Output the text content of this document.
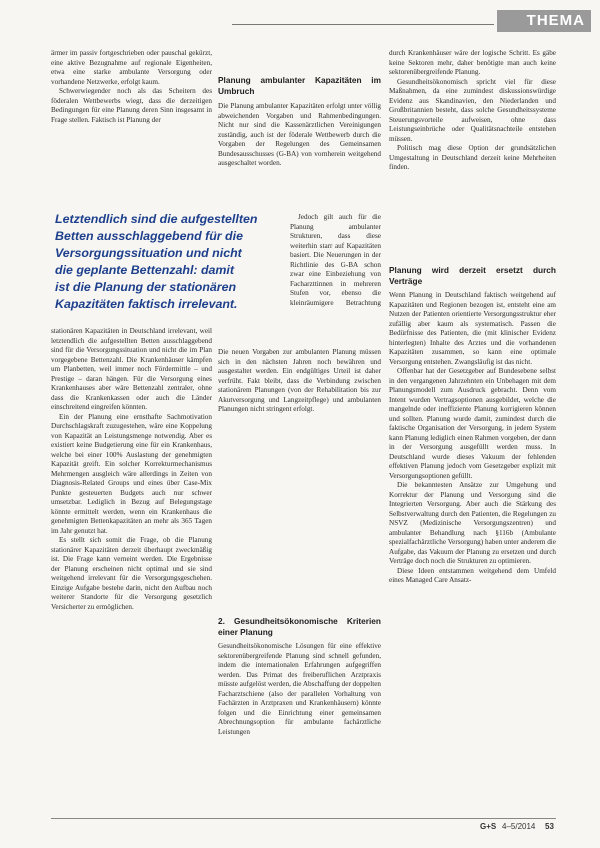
THEMA

ärmer im passiv fortgeschrieben oder pauschal gekürzt, eine aktive Bezugnahme auf regionale Eigenheiten, etwa eine starke ambulante Versorgung oder vorhandene Netzwerke, erfolgt kaum.

Schwerwiegender noch als das Scheitern des föderalen Wettbewerbs wiegt, dass die derzeitigen Bedingungen für eine Planung deren Sinn insgesamt in Frage stellen. Faktisch ist Planung der

Letztendlich sind die aufgestellten
Betten ausschlaggebend für die
Versorgungssituation und nicht
die geplante Bettenzahl: damit
ist die Planung der stationären
Kapazitäten faktisch irrelevant.

stationären Kapazitäten in Deutschland irrelevant, weil letztendlich die aufgestellten Betten ausschlaggebend sind für die Versorgungssituation und nicht die im Plan vorgegebene Bettenzahl. Die Krankenhäuser kämpfen um Planbetten, weil immer noch Fördermittle – und Prestige – daran hängen. Für die Versorgung eines Krankenhauses aber wäre Bettenzahl zentraler, ohne dass die Krankenkassen oder auch die Länder einschreitend eingreifen könnten.

Ein der Planung eine ernsthafte Sachmotivation Durchschlagskraft zuzugestehen, wäre eine Koppelung von Kapazität an Leistungsmenge notwendig. Aber es existiert keine Budgetierung eine für ein Krankenhaus, welche bei einer 100% Auslastung der genehmigten Kapazität greift. Ein solcher Korrekturmechanismus Mehrmengen ausgleich wäre allerdings in Zeiten von Diagnosis-Related Groups und eines über Case-Mix Punkte gesteuerten Budgets auch nur schwer umsetzbar. Lediglich in Bezug auf Belegungstage könnte ermittelt werden, wenn ein Krankenhaus die genehmigten Bettenkapazitäten an mehr als 365 Tagen im Jahr genutzt hat.

Es stellt sich somit die Frage, ob die Planung stationärer Kapazitäten derzeit überhaupt zweckmäßig ist. Die Frage kann verneint werden. Die Ergebnisse der Planung erscheinen nicht optimal und sie sind weitgehend irrelevant für die Versorgungsgeschehen. Einzige Aufgabe bestehe darin, nicht den Aufbau noch weiterer Standorte für die Versorgung gesetzlich Versicherter zu ermöglichen.

Planung ambulanter Kapazitäten im Umbruch

Die Planung ambulanter Kapazitäten erfolgt unter völlig abweichenden Vorgaben und Rahmenbedingungen. Nicht nur sind die Kassenärztlichen Vereinigungen zuständig, auch ist der föderale Wettbewerb durch die Vorgaben der Regelungen des Gemeinsamen Bundesausschusses (G-BA) von vornherein weitgehend ausgeschaltet worden.

Jedoch gilt auch für die Planung ambulanter Strukturen, dass diese weiterhin starr auf Kapazitäten basiert. Die Neuerungen in der Richtlinie des G-BA schon zwar eine Einbeziehung von Facharzttinnen in mehreren Stufen vor, ebenso die kleinräumigere Betrachtung

Die neuen Vorgaben zur ambulanten Planung müssen sich in den nächsten Jahren noch bewähren und ausgestaltet werden. Ein endgültiges Urteil ist daher verfrüht. Fakt bleibt, dass die Verbindung zwischen stationärem Planungen (von der Rehabilitation bis zur Akutversorgung und Langzeitpflege) und ambulanten Planungen nicht stringent erfolgt.

2. Gesundheitsökonomische Kriterien einer Planung

Gesundheitsökonomische Lösungen für eine effektive sektorenübergreifende Planung sind schnell gefunden, indem die internationalen Erfahrungen aufgegriffen werden. Das Primat des freiberuflichen Arztpraxis müsste aufgelöst werden, die Abschaffung der doppelten Facharztschiene (also der parallelen Vorhaltung von Fachärzten in Arztpraxen und Krankenhäusern) könnte folgen und die Einrichtung einer gemeinsamen Abrechnungsoption für ambulante fachärztliche Leistungen

durch Krankenhäuser wäre der logische Schritt. Es gäbe keine Sektoren mehr, daher benötigte man auch keine sektorenübergreifende Planung.

Gesundheitsökonomisch spricht viel für diese Maßnahmen, da eine zumindest diskussionswürdige Evidenz aus Skandinavien, den Niederlanden und Großbritannien besteht, dass solche Gesundheitssysteme Steuerungsvorteile aufweisen, ohne dass Leistungseinbrüche oder Qualitätsnachteile entstehen müssen.

Politisch mag diese Option der grundsätzlichen Umgestaltung in Deutschland derzeit keine Mehrheiten finden.

Planung wird derzeit ersetzt durch Verträge

Wenn Planung in Deutschland faktisch weitgehend auf Kapazitäten und Regionen bezogen ist, entsteht eine am Nutzen der Patienten orientierte Versorgungsstruktur eher zufällig aber kaum als systematisch. Passen die Bedürfnisse des Patienten, die (mit klinischer Evidenz hinterlegten) Inhalte des Arztes und die vorhandenen Kapazitäten zusammen, so kann eine optimale Versorgung entstehen. Zwangsläufig ist das nicht.

Offenbar hat der Gesetzgeber auf Bundesebene selbst in den vergangenen Jahrzehnten ein Unbehagen mit dem Planungsmodell zum Ausdruck gebracht. Denn vom Intent wurden Vertragsoptionen ausgebildet, welche die mangelnde oder ineffiziente Planung korrigieren können und sollten. Planung wurde damit, zumindest durch die faktische Organisation der Versorgung, in jedem System kann Planung lediglich einen Rahmen vorgeben, der dann in der Versorgung ausgefüllt werden muss. In Deutschland wurde dieses Vakuum der fehlenden effektiven Planung jedoch vom Gesetzgeber explizit mit Versorgungsoptionen gefüllt.

Die bekanntesten Ansätze zur Umgehung und Korrektur der Planung und Versorgung sind die Integrierten Versorgung. Aber auch die Stärkung des Selbstverwaltung durch den Patienten, die Regelungen zu NSVZ (Medizinische Versorgungszentren) und ambulanter Behandlung nach §116b (Ambulante spezialfachärztliche Versorgung) haben unter anderem die Aufgabe, das Vakuum der Planung zu ersetzen und durch Verträge doch noch die Strukturen zu optimieren.

Diese Ideen entstammen weitgehend dem Umfeld eines Managed Care Ansatz-

G+S 4–5/2014 53
